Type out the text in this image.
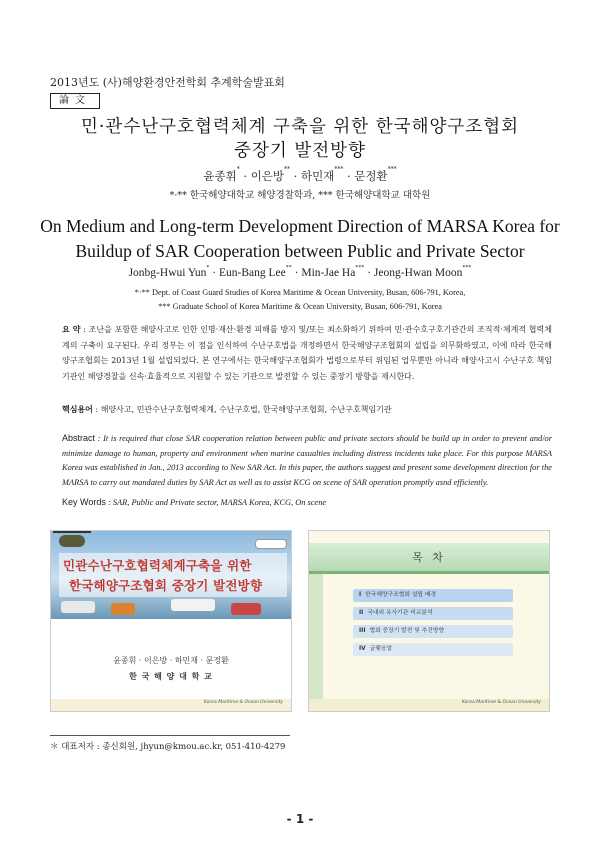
2013년도 (사)해양환경안전학회 추계학술발표회
論文
민·관수난구호협력체계 구축을 위한 한국해양구조협회
중장기 발전방향
윤종휘* · 이은방** · 하민재*** · 문정환***
*·** 한국해양대학교 해양경찰학과, *** 한국해양대학교 대학원
On Medium and Long-term Development Direction of MARSA Korea for
Buildup of SAR Cooperation between Public and Private Sector
Jonbg-Hwui Yun* · Eun-Bang Lee** · Min-Jae Ha*** · Jeong-Hwan Moon***
*·** Dept. of Coast Guard Studies of Korea Maritime & Ocean University, Busan, 606-791, Korea,
*** Graduate School of Korea Maritime & Ocean University, Busan, 606-791, Korea
요 약 : 조난을 포함한 해양사고로 인한 인명·재산·환경 피해를 방지 및/또는 최소화하기 위하여 민·관수호구호기관간의 조직적·체계적 협력체계의 구축이 요구된다. 우리 정부는 이 점을 인식하여 수난구호법을 개정하면서 한국해양구조협회의 설립을 의무화하였고, 이에 따라 한국해양구조협회는 2013년 1월 설립되었다. 본 연구에서는 한국해양구조협회가 법령으로부터 위임된 업무뿐만 아니라 해양사고시 수난구호 책임기관인 해양경찰을 신속·효율적으로 지원할 수 있는 기관으로 발전할 수 있는 중장기 방향을 제시한다.
핵심용어 : 해양사고, 민관수난구호협력체계, 수난구호법, 한국해양구조협회, 수난구호책임기관
Abstract : It is required that close SAR cooperation relation between public and private sectors should be build up in order to prevent and/or minimize damage to human, property and environment when marine casualties including distress incidents take place. For this purpose MARSA Korea was established in Jan., 2013 according to New SAR Act. In this paper, the authors suggest and present some development direction for the MARSA to carry out mandated duties by SAR Act as well as to assist KCG on scene of SAR operation promptly asnd efficiently.
Key Words : SAR, Public and Private sector, MARSA Korea, KCG, On scene
민관수난구호협력체계구축을 위한
한국해양구조협회 중장기 발전방향
윤종휘 · 이은방 · 하민재 · 문정환
한 국 해 양 대 학 교
Korea Maritime & Ocean University
목 차
I 한국해양구조협회 설립 배경
II 국내외 유사기관 비교분석
III 협회 중장기 발전 및 추진방향
IV 글맺음말
Korea Maritime & Ocean University
＊ 대표저자 : 종신회원, jhyun@kmou.ac.kr, 051-410-4279
- 1 -
